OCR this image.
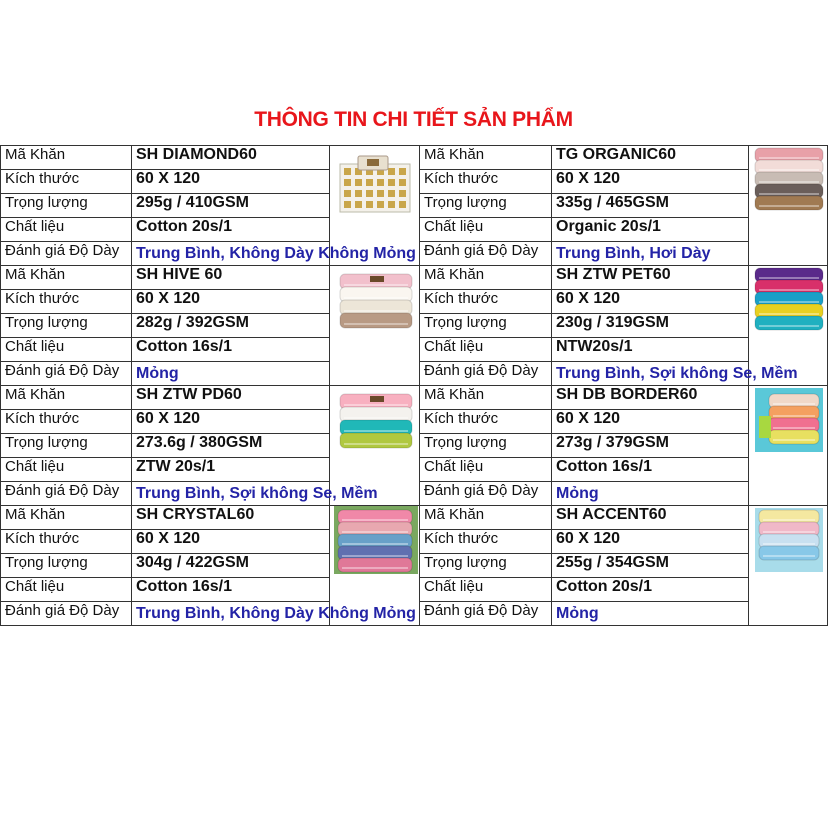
THÔNG TIN CHI TIẾT SẢN PHẨM
Mã Khăn	SH DIAMOND60		Mã Khăn	TG ORGANIC60	

Kích thước	60 X 120		Kích thước	60 X 120	
Trọng lượng	295g / 410GSM		Trọng lượng	335g / 465GSM	
Chất liệu	Cotton 20s/1		Chất liệu	Organic 20s/1	
Đánh giá Độ Dày	Trung Bình, Không Dày Không Mỏng		Đánh giá Độ Dày	Trung Bình, Hơi Dày	
Mã Khăn	SH HIVE 60		Mã Khăn	SH ZTW PET60	

Kích thước	60 X 120		Kích thước	60 X 120	
Trọng lượng	282g / 392GSM		Trọng lượng	230g / 319GSM	
Chất liệu	Cotton 16s/1		Chất liệu	NTW20s/1	
Đánh giá Độ Dày	Mỏng		Đánh giá Độ Dày	Trung Bình, Sợi không Se, Mềm	
Mã Khăn	SH ZTW PD60		Mã Khăn	SH DB BORDER60	

Kích thước	60 X 120		Kích thước	60 X 120	
Trọng lượng	273.6g / 380GSM		Trọng lượng	273g / 379GSM	
Chất liệu	ZTW 20s/1		Chất liệu	Cotton 16s/1	
Đánh giá Độ Dày	Trung Bình, Sợi không Se, Mềm		Đánh giá Độ Dày	Mỏng	
Mã Khăn	SH CRYSTAL60		Mã Khăn	SH ACCENT60	

Kích thước	60 X 120		Kích thước	60 X 120	
Trọng lượng	304g / 422GSM		Trọng lượng	255g / 354GSM	
Chất liệu	Cotton 16s/1		Chất liệu	Cotton 20s/1	
Đánh giá Độ Dày	Trung Bình, Không Dày Không Mỏng		Đánh giá Độ Dày	Mỏng	
